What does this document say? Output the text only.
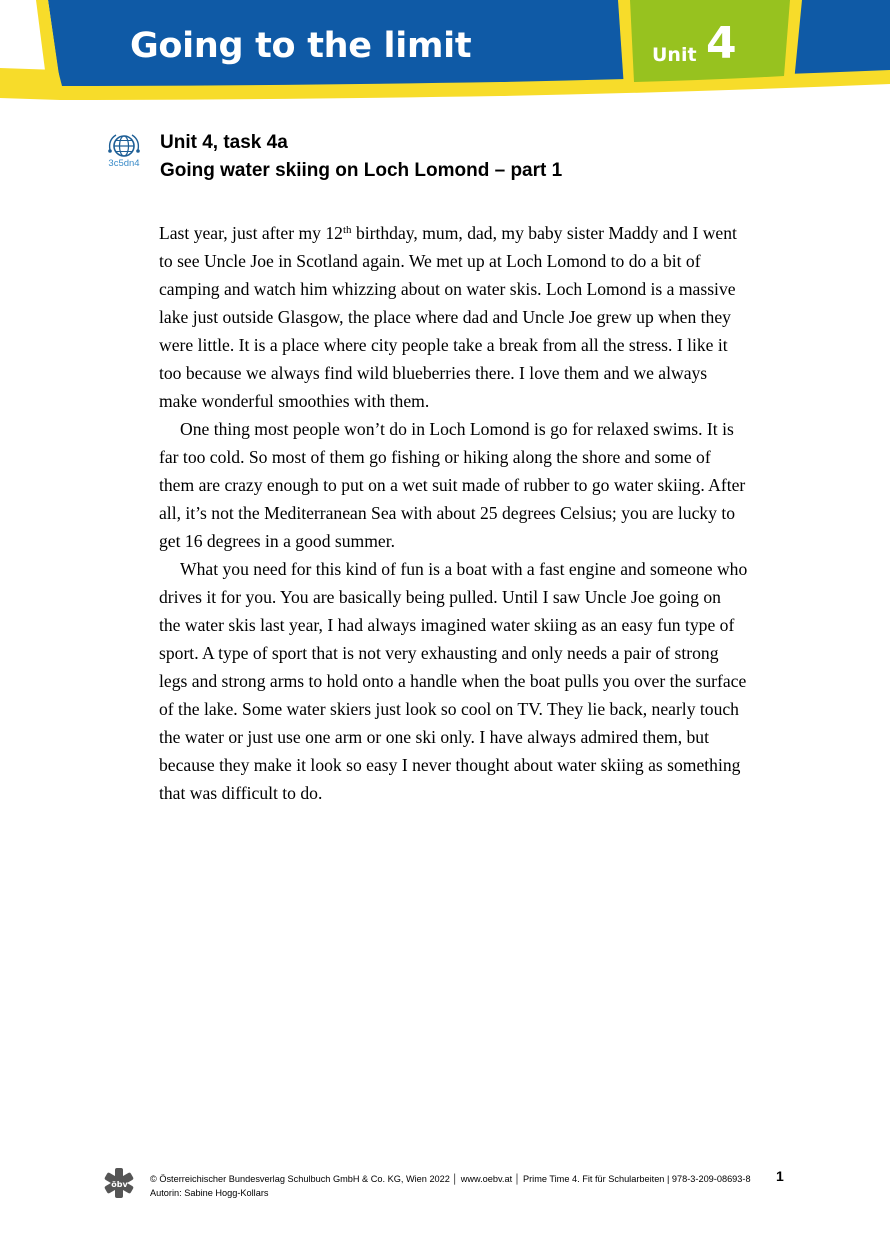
Going to the limit	Unit 4
3c5dn4
Unit 4, task 4a
Going water skiing on Loch Lomond – part 1
Last year, just after my 12th birthday, mum, dad, my baby sister Maddy and I went
to see Uncle Joe in Scotland again. We met up at Loch Lomond to do a bit of
camping and watch him whizzing about on water skis. Loch Lomond is a massive
lake just outside Glasgow, the place where dad and Uncle Joe grew up when they
were little. It is a place where city people take a break from all the stress. I like it
too because we always find wild blueberries there. I love them and we always
make wonderful smoothies with them.
One thing most people won’t do in Loch Lomond is go for relaxed swims. It is
far too cold. So most of them go fishing or hiking along the shore and some of
them are crazy enough to put on a wet suit made of rubber to go water skiing. After
all, it’s not the Mediterranean Sea with about 25 degrees Celsius; you are lucky to
get 16 degrees in a good summer.
What you need for this kind of fun is a boat with a fast engine and someone who
drives it for you. You are basically being pulled. Until I saw Uncle Joe going on
the water skis last year, I had always imagined water skiing as an easy fun type of
sport. A type of sport that is not very exhausting and only needs a pair of strong
legs and strong arms to hold onto a handle when the boat pulls you over the surface
of the lake. Some water skiers just look so cool on TV. They lie back, nearly touch
the water or just use one arm or one ski only. I have always admired them, but
because they make it look so easy I never thought about water skiing as something
that was difficult to do.
öbv
© Österreichischer Bundesverlag Schulbuch GmbH & Co. KG, Wien 2022 │ www.oebv.at │ Prime Time 4. Fit für Schularbeiten | 978-3-209-08693-8
Autorin: Sabine Hogg-Kollars
1
